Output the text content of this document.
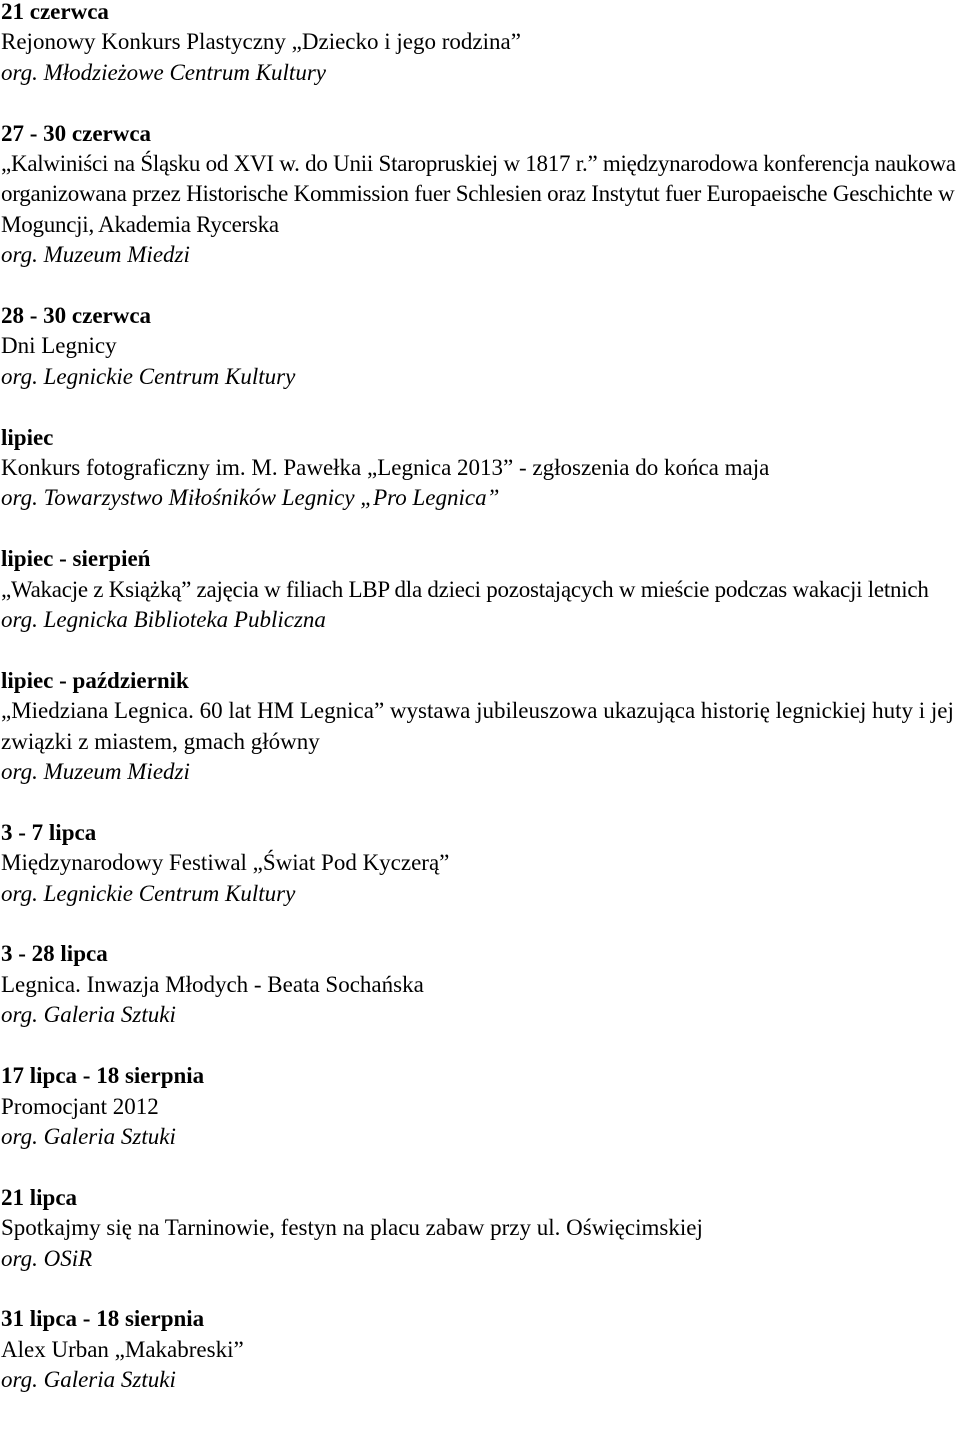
21 czerwca

Rejonowy Konkurs Plastyczny „Dziecko i jego rodzina”

org. Młodzieżowe Centrum Kultury

27 - 30 czerwca

„Kalwiniści na Śląsku od XVI w. do Unii Staropruskiej w 1817 r.” międzynarodowa konferencja naukowa organizowana przez Historische Kommission fuer Schlesien oraz Instytut fuer Europaeische Geschichte w Moguncji, Akademia Rycerska

org. Muzeum Miedzi

28 - 30 czerwca

Dni Legnicy

org. Legnickie Centrum Kultury

lipiec

Konkurs fotograficzny im. M. Pawełka „Legnica 2013” - zgłoszenia do końca maja

org. Towarzystwo Miłośników Legnicy „Pro Legnica”

lipiec - sierpień

„Wakacje z Książką” zajęcia w filiach LBP dla dzieci pozostających w mieście podczas wakacji letnich

org. Legnicka Biblioteka Publiczna

lipiec - październik

„Miedziana Legnica. 60 lat HM Legnica” wystawa jubileuszowa ukazująca historię legnickiej huty i jej związki z miastem, gmach główny

org. Muzeum Miedzi

3 - 7 lipca

Międzynarodowy Festiwal „Świat Pod Kyczerą”

org. Legnickie Centrum Kultury

3 - 28 lipca

Legnica. Inwazja Młodych - Beata Sochańska

org. Galeria Sztuki

17 lipca - 18 sierpnia

Promocjant 2012

org. Galeria Sztuki

21 lipca

Spotkajmy się na Tarninowie, festyn na placu zabaw przy ul. Oświęcimskiej

org. OSiR

31 lipca - 18 sierpnia

Alex Urban „Makabreski”

org. Galeria Sztuki
